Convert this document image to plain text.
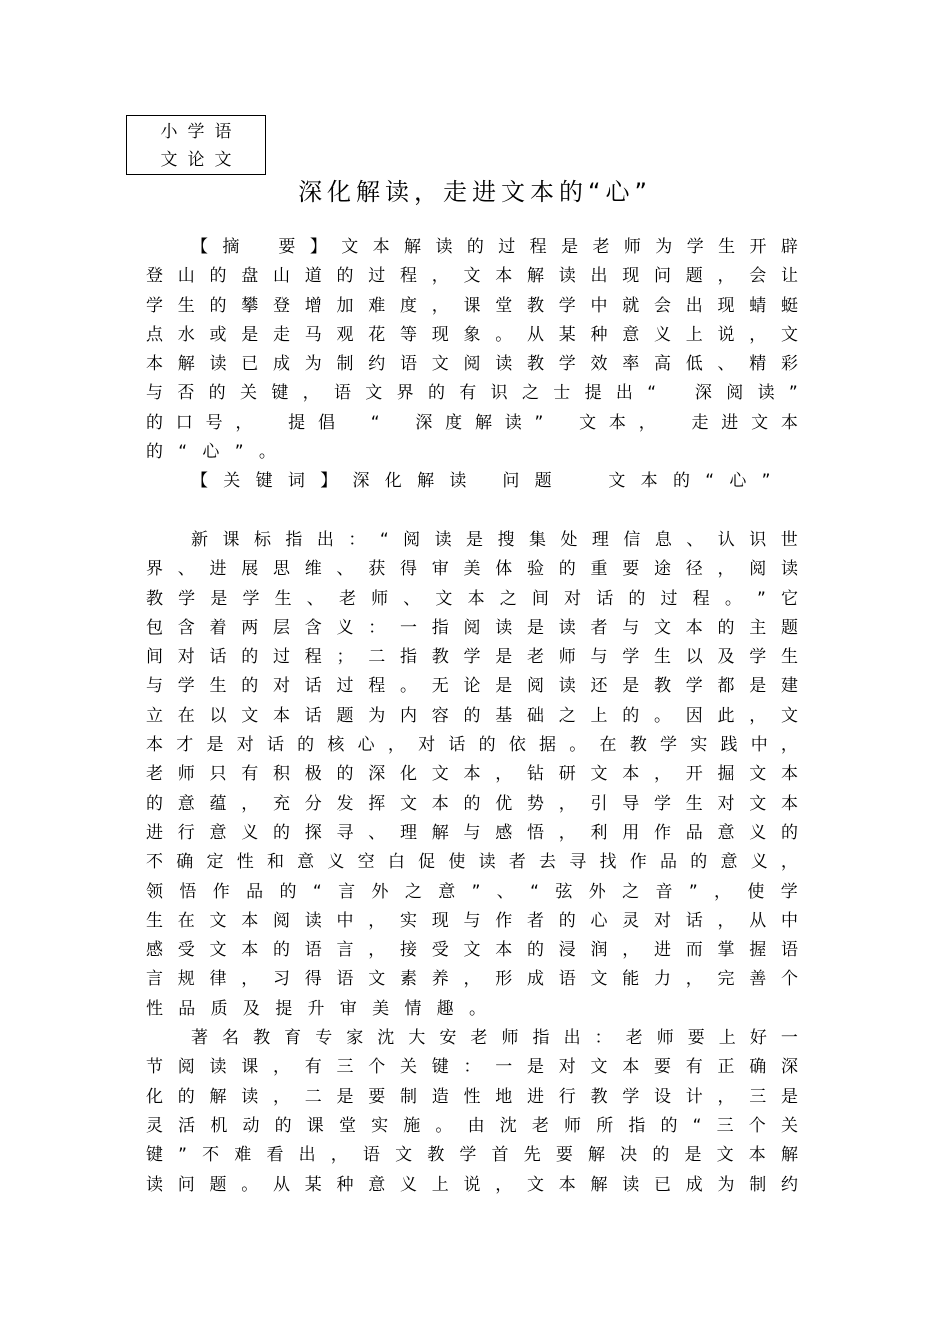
小学语
文论文
深化解读，走进文本的“心”
【 摘
要 】 文 本 解 读 的 过 程 是 老 师 为 学 生 开 辟
登 山 的 盘 山 道 的 过 程 ， 文 本 解 读 出 现 问 题 ， 会 让
学 生 的 攀 登 增 加 难 度 ， 课 堂 教 学 中 就 会 出 现 蜻 蜓
点 水 或 是 走 马 观 花 等 现 象 。 从 某 种 意 义 上 说 ， 文
本 解 读 已 成 为 制 约 语 文 阅 读 教 学 效 率 高 低 、 精 彩
与 否 的 关 键 ， 语 文 界 的 有 识 之 士 提 出 “
深 阅 读 ”
的 口 号 ，
提 倡
“
深 度 解 读 ”
文 本 ，
走 进 文 本
的 “ 心 ” 。
【 关 键 词 】 深 化 解 读
问 题

	文 本 的 “ 心 ”
新 课 标 指 出 ： “ 阅 读 是 搜 集 处 理 信 息 、 认 识 世
界 、 进 展 思 维 、 获 得 审 美 体 验 的 重 要 途 径 ， 阅 读
教 学 是 学 生 、 老 师 、 文 本 之 间 对 话 的 过 程 。 ” 它
包 含 着 两 层 含 义 ： 一 指 阅 读 是 读 者 与 文 本 的 主 题
间 对 话 的 过 程 ； 二 指 教 学 是 老 师 与 学 生 以 及 学 生
与 学 生 的 对 话 过 程 。 无 论 是 阅 读 还 是 教 学 都 是 建
立 在 以 文 本 话 题 为 内 容 的 基 础 之 上 的 。 因 此 ， 文
本 才 是 对 话 的 核 心 ， 对 话 的 依 据 。 在 教 学 实 践 中 ，
老 师 只 有 积 极 的 深 化 文 本 ， 钻 研 文 本 ， 开 掘 文 本
的 意 蕴 ， 充 分 发 挥 文 本 的 优 势 ， 引 导 学 生 对 文 本
进 行 意 义 的 探 寻 、 理 解 与 感 悟 ， 利 用 作 品 意 义 的
不 确 定 性 和 意 义 空 白 促 使 读 者 去 寻 找 作 品 的 意 义 ，
领 悟 作 品 的 “ 言 外 之 意 ” 、 “ 弦 外 之 音 ” ， 使 学
生 在 文 本 阅 读 中 ， 实 现 与 作 者 的 心 灵 对 话 ， 从 中
感 受 文 本 的 语 言 ， 接 受 文 本 的 浸 润 ， 进 而 掌 握 语
言 规 律 ， 习 得 语 文 素 养 ， 形 成 语 文 能 力 ， 完 善 个
性 品 质 及 提 升 审 美 情 趣 。
著 名 教 育 专 家 沈 大 安 老 师 指 出 ： 老 师 要 上 好 一
节 阅 读 课 ， 有 三 个 关 键 ： 一 是 对 文 本 要 有 正 确 深
化 的 解 读 ， 二 是 要 制 造 性 地 进 行 教 学 设 计 ， 三 是
灵 活 机 动 的 课 堂 实 施 。 由 沈 老 师 所 指 的 “ 三 个 关
键 ” 不 难 看 出 ， 语 文 教 学 首 先 要 解 决 的 是 文 本 解
读 问 题 。 从 某 种 意 义 上 说 ， 文 本 解 读 已 成 为 制 约
